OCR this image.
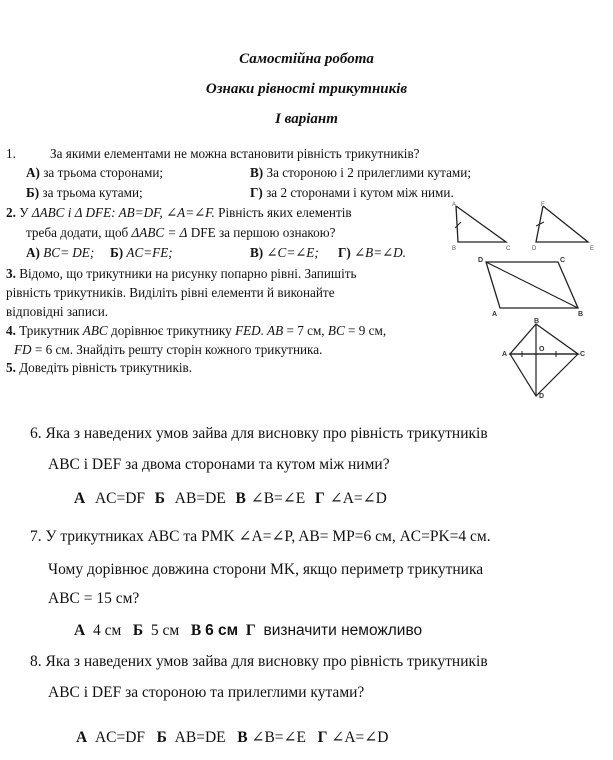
Самостійна робота
Ознаки рівності трикутників
І варіант
1.	За якими елементами не можна встановити рівність трикутників?
А) за трьома сторонами;	В) За стороною і 2 прилеглими кутами;
Б) за трьома кутами;	Г) за 2 сторонами і кутом між ними.
2. У ΔABC і Δ DFE: AB=DF, ∠A=∠F. Рівність яких елементів
треба додати, щоб ΔABC = Δ DFE за першою ознакою?
А) BC= DE; Б) AC=FE;	В) ∠C=∠E; Г) ∠B=∠D.
3. Відомо, що трикутники на рисунку попарно рівні. Запишіть
рівність трикутників. Виділіть рівні елементи й виконайте
відповідні записи.
4. Трикутник ABC дорівнює трикутнику FED. AB = 7 см, BC = 9 см,
FD = 6 см. Знайдіть решту сторін кожного трикутника.
5. Доведіть рівність трикутників.
A
B	C
F
D	E
D	C
A	B
A
B
O
C
D
6. Яка з наведених умов зайва для висновку про рівність трикутників
ABC і DEF за двома сторонами та кутом між ними?
А AC=DF Б AB=DE В ∠B=∠E Г ∠A=∠D
7. У трикутниках ABC та PMK ∠A=∠P, AB= MP=6 см, AC=PK=4 см.
Чому дорівнює довжина сторони MK, якщо периметр трикутника
ABC = 15 см?
А 4 см Б 5 см В 6 см Г визначити неможливо
8. Яка з наведених умов зайва для висновку про рівність трикутників
ABC і DEF за стороною та прилеглими кутами?
А AC=DF Б AB=DE В ∠B=∠E Г ∠A=∠D
